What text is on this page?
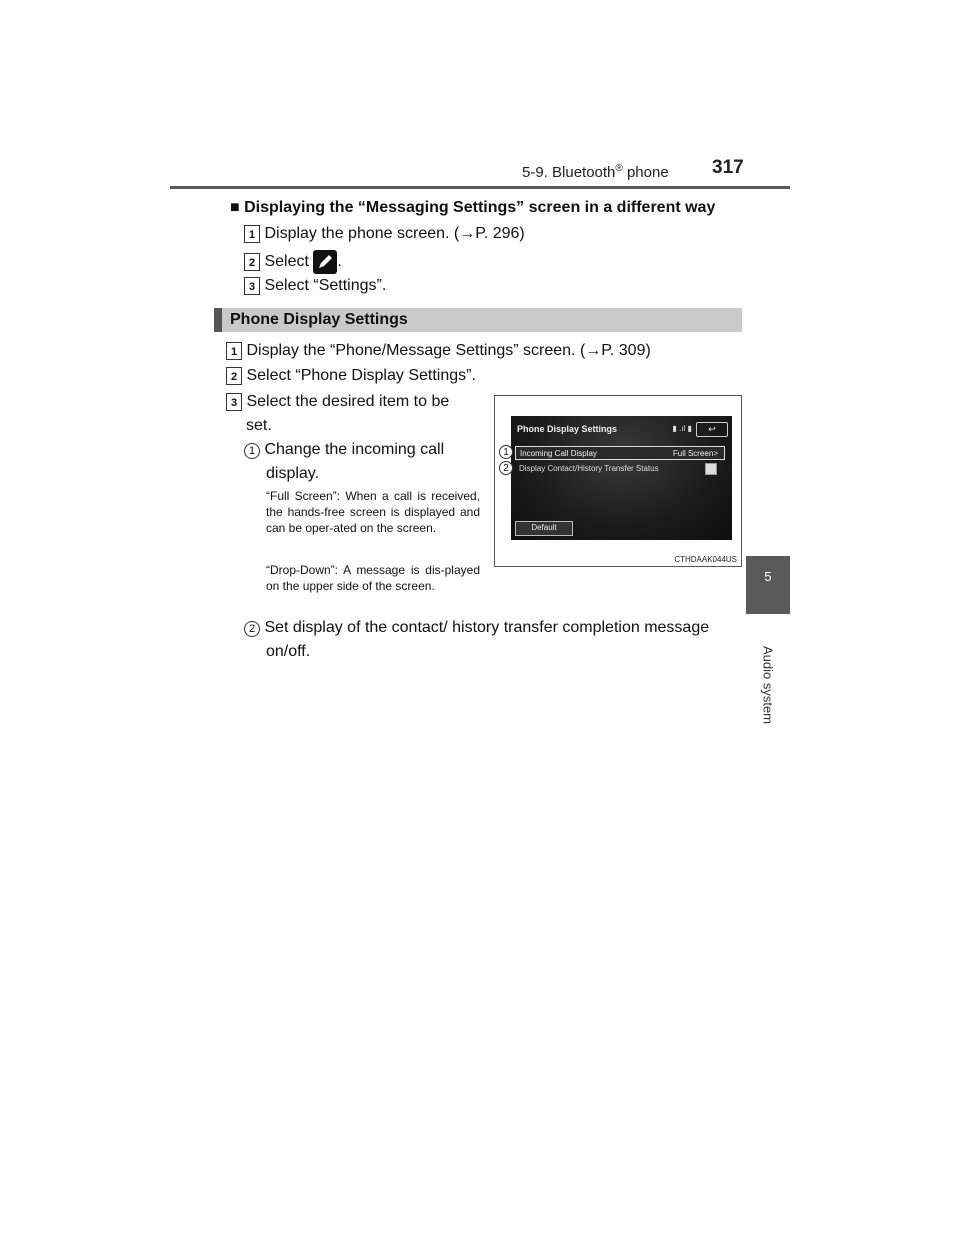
5-9. Bluetooth® phone 317
5
Audio system
■ Displaying the “Messaging Settings” screen in a different way
1 Display the phone screen. (→P. 296)
2 Select .
3 Select “Settings”.
Phone Display Settings
1 Display the “Phone/Message Settings” screen. (→P. 309)
2 Select “Phone Display Settings”.
3 Select the desired item to be
set.
1 Change the incoming call
display.
“Full Screen”: When a call is received, the hands-free screen is displayed and can be oper-ated on the screen.
“Drop-Down”: A message is dis-played on the upper side of the screen.
2 Set display of the contact/ history transfer completion message
on/off.
Phone Display Settings	▮ .ıl ▮	↩
Incoming Call Display	Full Screen>
Display Contact/History Transfer Status
Default
1
2
CTHDAAK044US
